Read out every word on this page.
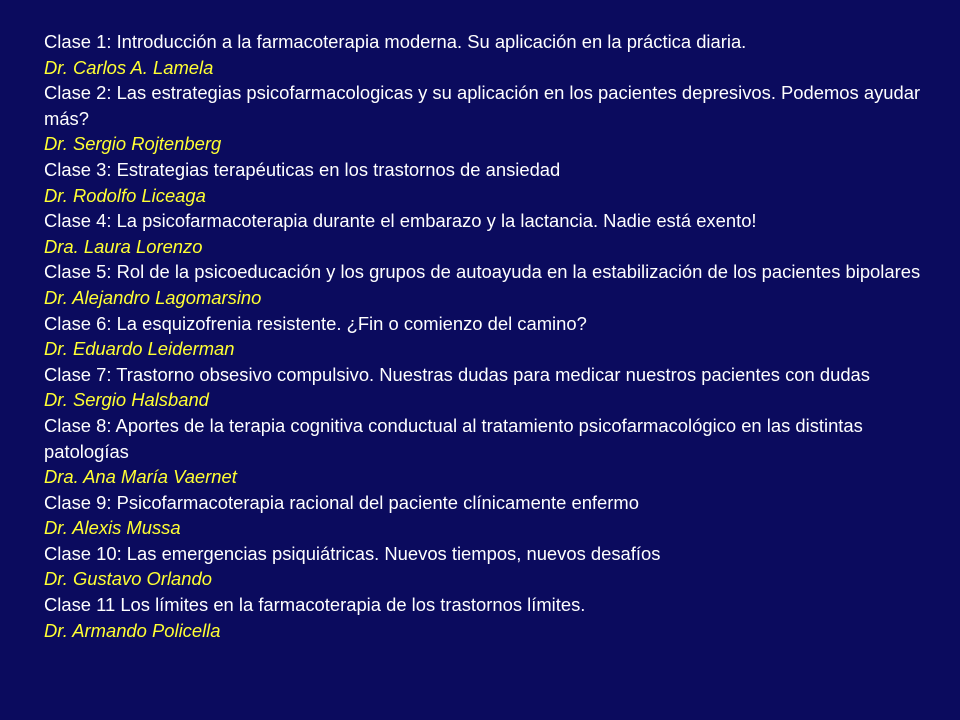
Clase 1: Introducción a la farmacoterapia moderna. Su aplicación en la práctica diaria.
Dr. Carlos A. Lamela
Clase 2: Las estrategias psicofarmacologicas y su aplicación en los pacientes depresivos. Podemos ayudar más?
Dr. Sergio Rojtenberg
Clase 3: Estrategias terapéuticas en los trastornos de ansiedad
Dr. Rodolfo Liceaga
Clase 4: La psicofarmacoterapia durante el embarazo y la lactancia. Nadie está exento!
Dra. Laura Lorenzo
Clase 5: Rol de la psicoeducación y los grupos de autoayuda en la estabilización de los pacientes bipolares
Dr. Alejandro Lagomarsino
Clase 6: La esquizofrenia resistente. ¿Fin o comienzo del camino?
Dr. Eduardo Leiderman
Clase 7: Trastorno obsesivo compulsivo. Nuestras dudas para medicar nuestros pacientes con dudas
Dr. Sergio Halsband
Clase 8: Aportes de la terapia cognitiva conductual al tratamiento psicofarmacológico en las distintas patologías
Dra. Ana María Vaernet
Clase 9: Psicofarmacoterapia racional del paciente clínicamente enfermo
Dr. Alexis Mussa
Clase 10: Las emergencias psiquiátricas. Nuevos tiempos, nuevos desafíos
Dr. Gustavo Orlando
Clase 11 Los límites en la farmacoterapia de los trastornos límites.
Dr. Armando Policella
